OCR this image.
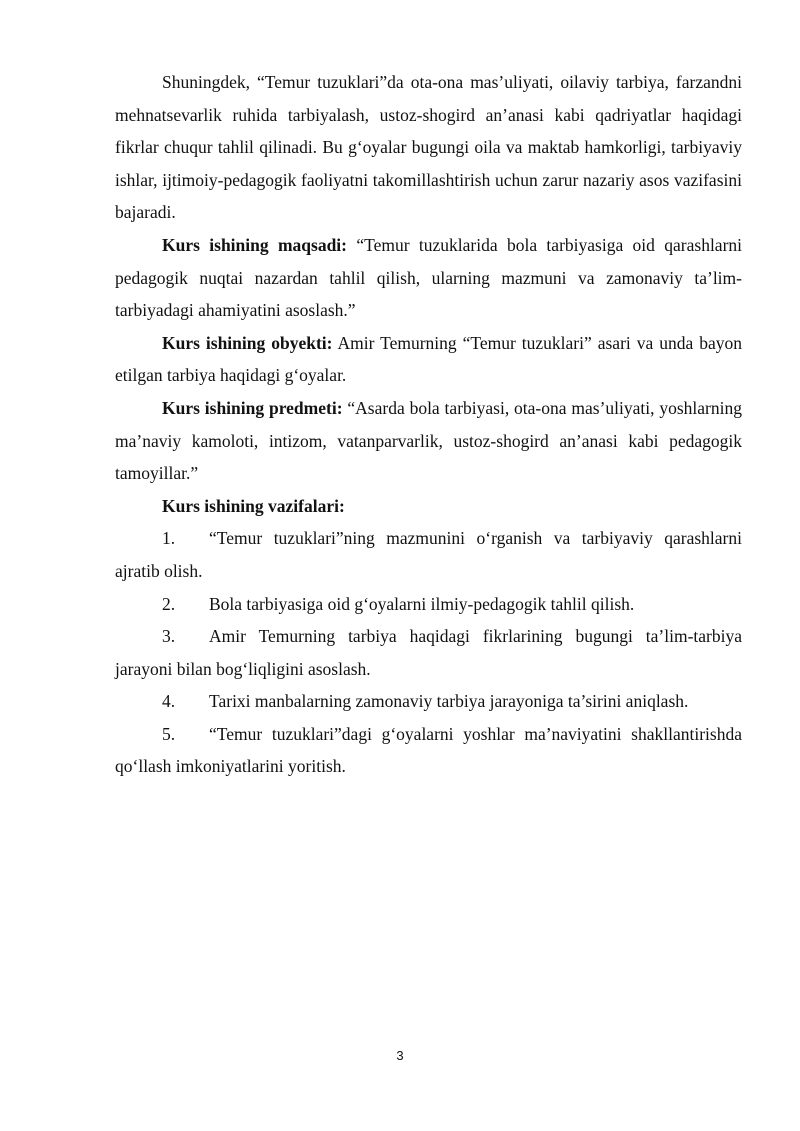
Shuningdek, “Temur tuzuklari”da ota-ona mas’uliyati, oilaviy tarbiya, farzandni mehnatsevarlik ruhida tarbiyalash, ustoz-shogird an’anasi kabi qadriyatlar haqidagi fikrlar chuqur tahlil qilinadi. Bu g‘oyalar bugungi oila va maktab hamkorligi, tarbiyaviy ishlar, ijtimoiy-pedagogik faoliyatni takomillashtirish uchun zarur nazariy asos vazifasini bajaradi.

Kurs ishining maqsadi: “Temur tuzuklarida bola tarbiyasiga oid qarashlarni pedagogik nuqtai nazardan tahlil qilish, ularning mazmuni va zamonaviy ta’lim-tarbiyadagi ahamiyatini asoslash.”

Kurs ishining obyekti: Amir Temurning “Temur tuzuklari” asari va unda bayon etilgan tarbiya haqidagi g‘oyalar.

Kurs ishining predmeti: “Asarda bola tarbiyasi, ota-ona mas’uliyati, yoshlarning ma’naviy kamoloti, intizom, vatanparvarlik, ustoz-shogird an’anasi kabi pedagogik tamoyillar.”

Kurs ishining vazifalari:

1. “Temur tuzuklari”ning mazmunini o‘rganish va tarbiyaviy qarashlarni ajratib olish.

2. Bola tarbiyasiga oid g‘oyalarni ilmiy-pedagogik tahlil qilish.

3. Amir Temurning tarbiya haqidagi fikrlarining bugungi ta’lim-tarbiya jarayoni bilan bog‘liqligini asoslash.

4. Tarixi manbalarning zamonaviy tarbiya jarayoniga ta’sirini aniqlash.

5. “Temur tuzuklari”dagi g‘oyalarni yoshlar ma’naviyatini shakllantirishda qo‘llash imkoniyatlarini yoritish.

3
